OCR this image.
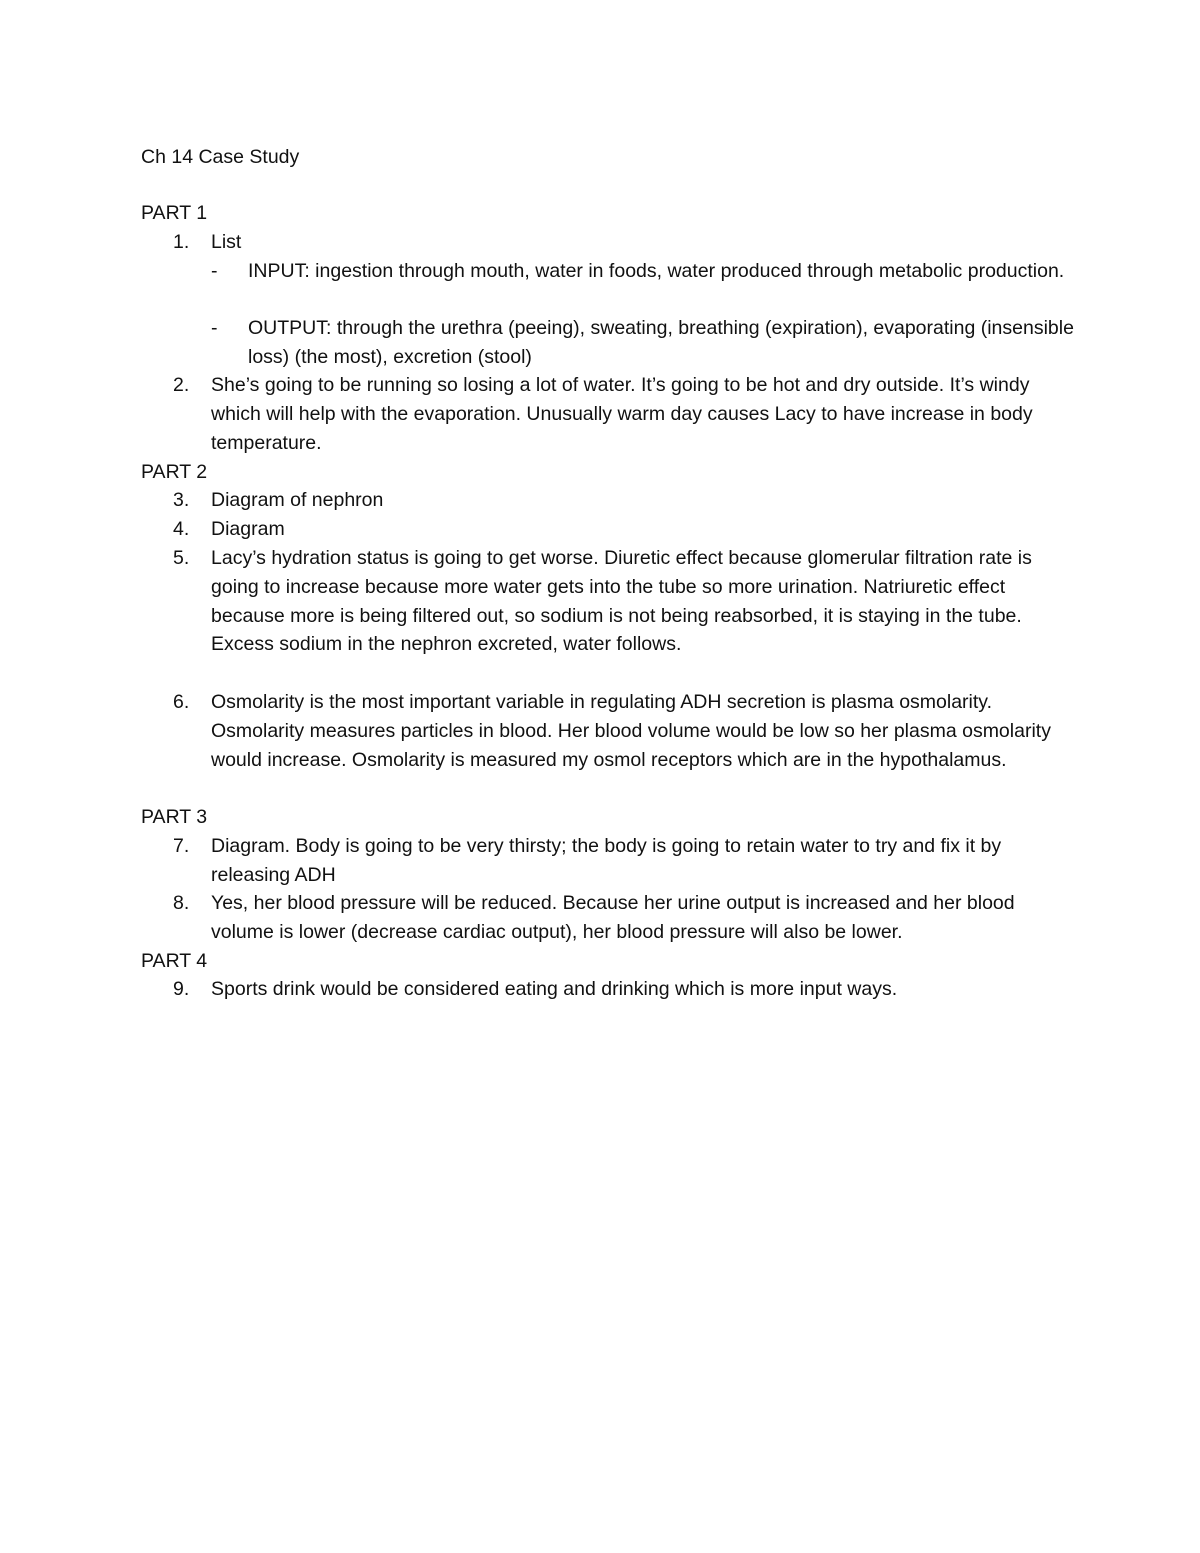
Ch 14 Case Study
PART 1
1.	List
- INPUT: ingestion through mouth, water in foods, water produced through metabolic production.
- OUTPUT: through the urethra (peeing), sweating, breathing (expiration), evaporating (insensible loss) (the most), excretion (stool)
2.	She’s going to be running so losing a lot of water. It’s going to be hot and dry outside. It’s windy which will help with the evaporation. Unusually warm day causes Lacy to have increase in body temperature.
PART 2
3.	Diagram of nephron
4.	Diagram
5.	Lacy’s hydration status is going to get worse. Diuretic effect because glomerular filtration rate is going to increase because more water gets into the tube so more urination. Natriuretic effect because more is being filtered out, so sodium is not being reabsorbed, it is staying in the tube. Excess sodium in the nephron excreted, water follows.
6.	Osmolarity is the most important variable in regulating ADH secretion is plasma osmolarity. Osmolarity measures particles in blood. Her blood volume would be low so her plasma osmolarity would increase. Osmolarity is measured my osmol receptors which are in the hypothalamus.
PART 3
7.	Diagram. Body is going to be very thirsty; the body is going to retain water to try and fix it by releasing ADH
8.	Yes, her blood pressure will be reduced. Because her urine output is increased and her blood volume is lower (decrease cardiac output), her blood pressure will also be lower.
PART 4
9.	Sports drink would be considered eating and drinking which is more input ways.
